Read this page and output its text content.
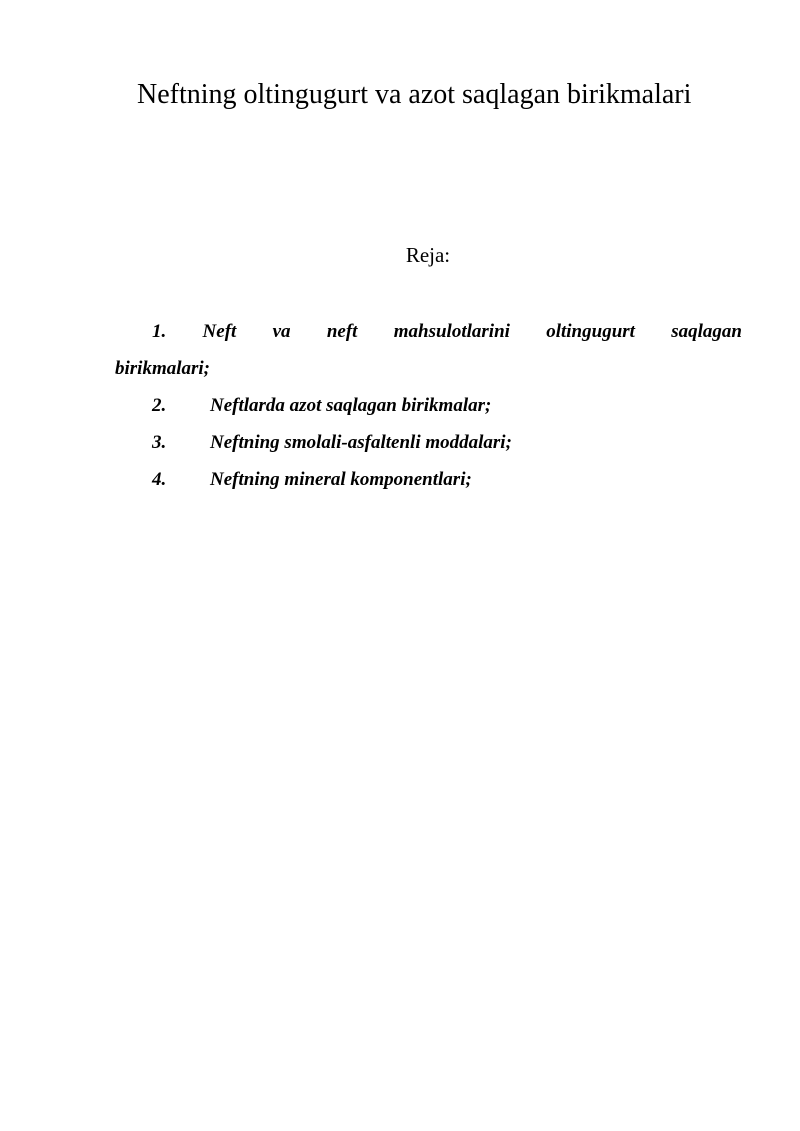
Neftning oltingugurt va azot saqlagan birikmalari

Reja:

1. Neft va neft mahsulotlarini oltingugurt saqlagan
birikmalari;
2. Neftlarda azot saqlagan birikmalar;
3. Neftning smolali-asfaltenli moddalari;
4. Neftning mineral komponentlari;
